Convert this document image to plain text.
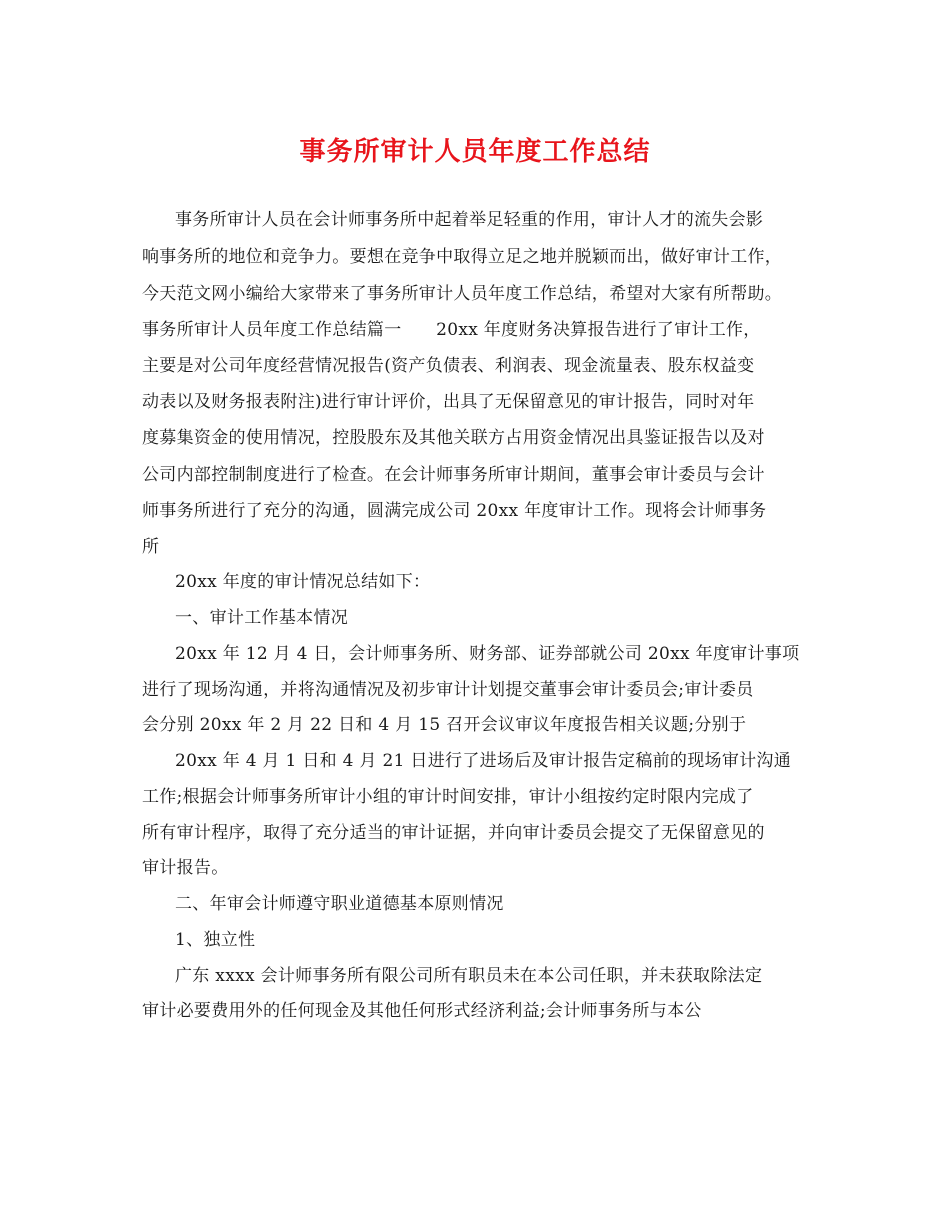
事务所审计人员年度工作总结
事务所审计人员在会计师事务所中起着举足轻重的作用，审计人才的流失会影
响事务所的地位和竞争力。要想在竞争中取得立足之地并脱颖而出，做好审计工作，
今天范文网小编给大家带来了事务所审计人员年度工作总结，希望对大家有所帮助。
事务所审计人员年度工作总结篇一　　20xx 年度财务决算报告进行了审计工作，
主要是对公司年度经营情况报告(资产负债表、利润表、现金流量表、股东权益变
动表以及财务报表附注)进行审计评价，出具了无保留意见的审计报告，同时对年
度募集资金的使用情况，控股股东及其他关联方占用资金情况出具鉴证报告以及对
公司内部控制制度进行了检查。在会计师事务所审计期间，董事会审计委员与会计
师事务所进行了充分的沟通，圆满完成公司 20xx 年度审计工作。现将会计师事务
所
20xx 年度的审计情况总结如下：
一、审计工作基本情况
20xx 年 12 月 4 日，会计师事务所、财务部、证券部就公司 20xx 年度审计事项
进行了现场沟通，并将沟通情况及初步审计计划提交董事会审计委员会;审计委员
会分别 20xx 年 2 月 22 日和 4 月 15 召开会议审议年度报告相关议题;分别于
20xx 年 4 月 1 日和 4 月 21 日进行了进场后及审计报告定稿前的现场审计沟通
工作;根据会计师事务所审计小组的审计时间安排，审计小组按约定时限内完成了
所有审计程序，取得了充分适当的审计证据，并向审计委员会提交了无保留意见的
审计报告。
二、年审会计师遵守职业道德基本原则情况
1、独立性
广东 xxxx 会计师事务所有限公司所有职员未在本公司任职，并未获取除法定
审计必要费用外的任何现金及其他任何形式经济利益;会计师事务所与本公
